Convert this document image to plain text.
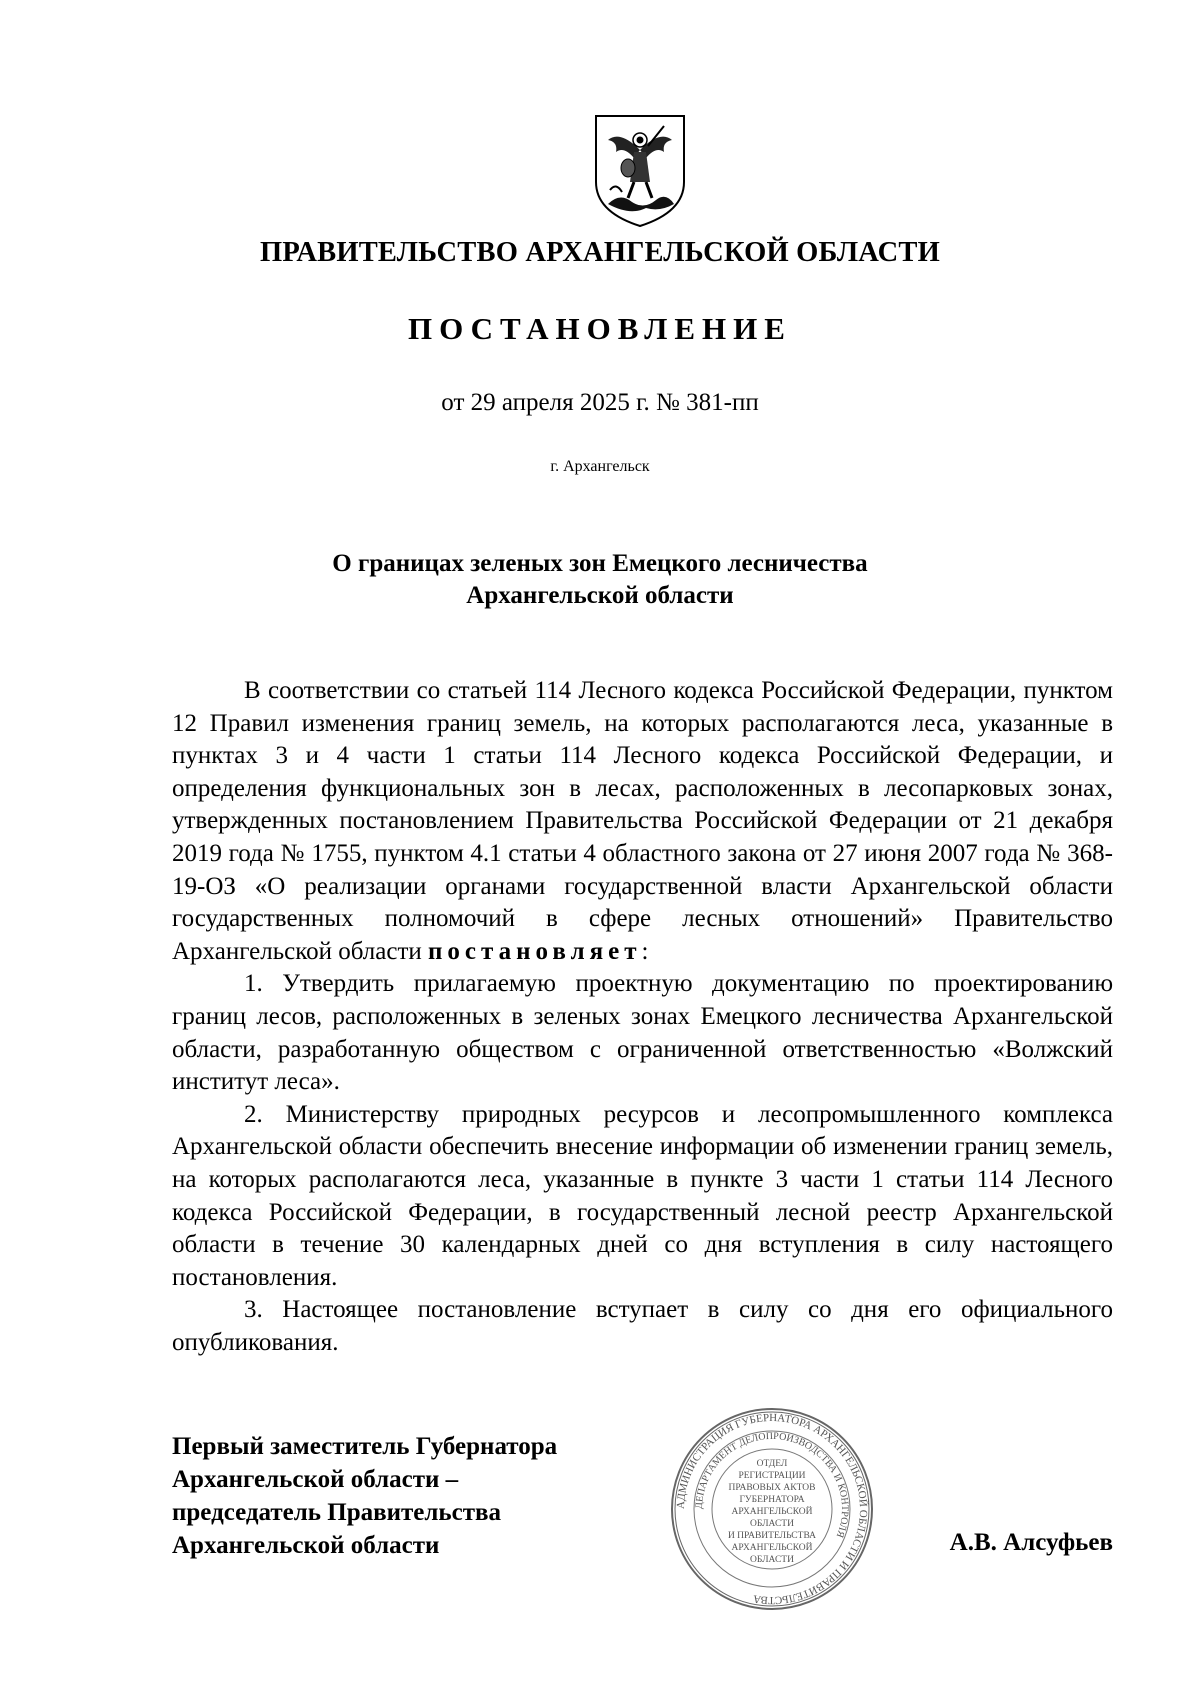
ПРАВИТЕЛЬСТВО АРХАНГЕЛЬСКОЙ ОБЛАСТИ
ПОСТАНОВЛЕНИЕ
от 29 апреля 2025 г. № 381-пп
г. Архангельск
О границах зеленых зон Емецкого лесничества
Архангельской области

В соответствии со статьей 114 Лесного кодекса Российской Федерации, пунктом 12 Правил изменения границ земель, на которых располагаются леса, указанные в пунктах 3 и 4 части 1 статьи 114 Лесного кодекса Российской Федерации, и определения функциональных зон в лесах, расположенных в лесопарковых зонах, утвержденных постановлением Правительства Российской Федерации от 21 декабря 2019 года № 1755, пунктом 4.1 статьи 4 областного закона от 27 июня 2007 года № 368-19-ОЗ «О реализации органами государственной власти Архангельской области государственных полномочий в сфере лесных отношений» Правительство Архангельской области постановляет:

1. Утвердить прилагаемую проектную документацию по проектированию границ лесов, расположенных в зеленых зонах Емецкого лесничества Архангельской области, разработанную обществом с ограниченной ответственностью «Волжский институт леса».

2. Министерству природных ресурсов и лесопромышленного комплекса Архангельской области обеспечить внесение информации об изменении границ земель, на которых располагаются леса, указанные в пункте 3 части 1 статьи 114 Лесного кодекса Российской Федерации, в государственный лесной реестр Архангельской области в течение 30 календарных дней со дня вступления в силу настоящего постановления.

3. Настоящее постановление вступает в силу со дня его официального опубликования.

Первый заместитель Губернатора
Архангельской области –
председатель Правительства
Архангельской области
АДМИНИСТРАЦИЯ ГУБЕРНАТОРА АРХАНГЕЛЬСКОЙ ОБЛАСТИ И ПРАВИТЕЛЬСТВА
ДЕПАРТАМЕНТ ДЕЛОПРОИЗВОДСТВА И КОНТРОЛЯ
ОТДЕЛ
РЕГИСТРАЦИИ
ПРАВОВЫХ АКТОВ
ГУБЕРНАТОРА
АРХАНГЕЛЬСКОЙ
ОБЛАСТИ
И ПРАВИТЕЛЬСТВА
АРХАНГЕЛЬСКОЙ
ОБЛАСТИ
А.В. Алсуфьев
